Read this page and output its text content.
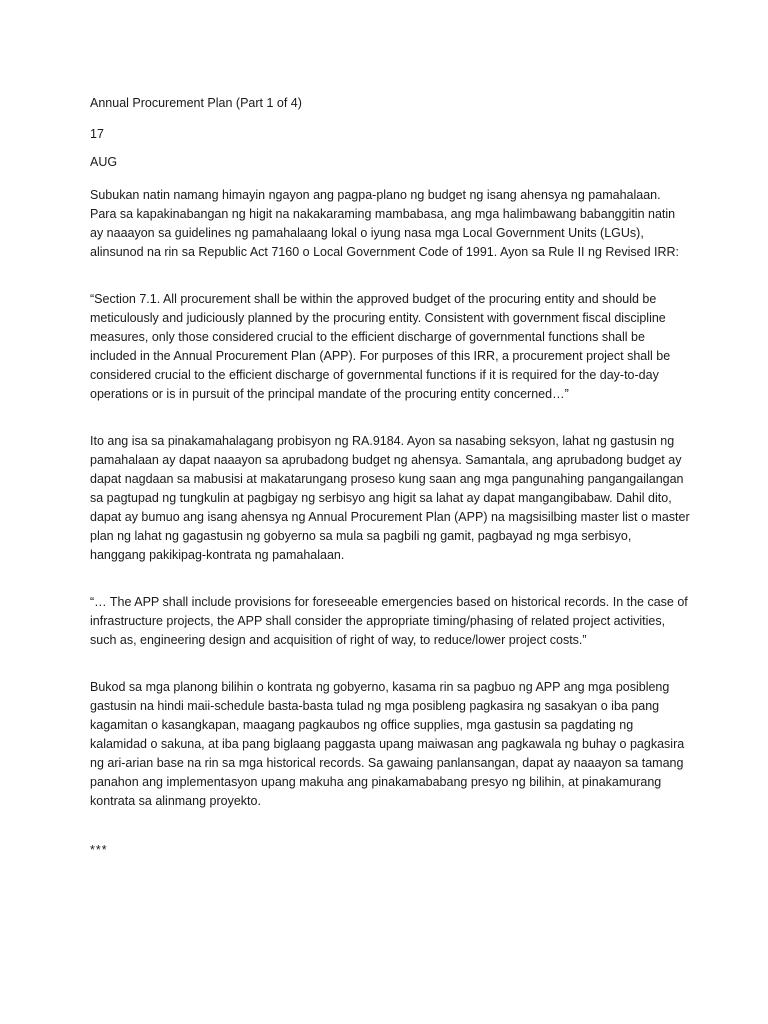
Annual Procurement Plan (Part 1 of 4)

17

AUG

Subukan natin namang himayin ngayon ang pagpa-plano ng budget ng isang ahensya ng pamahalaan. Para sa kapakinabangan ng higit na nakakaraming mambabasa, ang mga halimbawang babanggitin natin ay naaayon sa guidelines ng pamahalaang lokal o iyung nasa mga Local Government Units (LGUs), alinsunod na rin sa Republic Act 7160 o Local Government Code of 1991. Ayon sa Rule II ng Revised IRR:

“Section 7.1. All procurement shall be within the approved budget of the procuring entity and should be meticulously and judiciously planned by the procuring entity. Consistent with government fiscal discipline measures, only those considered crucial to the efficient discharge of governmental functions shall be included in the Annual Procurement Plan (APP). For purposes of this IRR, a procurement project shall be considered crucial to the efficient discharge of governmental functions if it is required for the day-to-day operations or is in pursuit of the principal mandate of the procuring entity concerned…”

Ito ang isa sa pinakamahalagang probisyon ng RA.9184. Ayon sa nasabing seksyon, lahat ng gastusin ng pamahalaan ay dapat naaayon sa aprubadong budget ng ahensya. Samantala, ang aprubadong budget ay dapat nagdaan sa mabusisi at makatarungang proseso kung saan ang mga pangunahing pangangailangan sa pagtupad ng tungkulin at pagbigay ng serbisyo ang higit sa lahat ay dapat mangangibabaw. Dahil dito, dapat ay bumuo ang isang ahensya ng Annual Procurement Plan (APP) na magsisilbing master list o master plan ng lahat ng gagastusin ng gobyerno sa mula sa pagbili ng gamit, pagbayad ng mga serbisyo, hanggang pakikipag-kontrata ng pamahalaan.

“… The APP shall include provisions for foreseeable emergencies based on historical records. In the case of infrastructure projects, the APP shall consider the appropriate timing/phasing of related project activities, such as, engineering design and acquisition of right of way, to reduce/lower project costs.”

Bukod sa mga planong bilihin o kontrata ng gobyerno, kasama rin sa pagbuo ng APP ang mga posibleng gastusin na hindi maii-schedule basta-basta tulad ng mga posibleng pagkasira ng sasakyan o iba pang kagamitan o kasangkapan, maagang pagkaubos ng office supplies, mga gastusin sa pagdating ng kalamidad o sakuna, at iba pang biglaang paggasta upang maiwasan ang pagkawala ng buhay o pagkasira ng ari-arian base na rin sa mga historical records. Sa gawaing panlansangan, dapat ay naaayon sa tamang panahon ang implementasyon upang makuha ang pinakamababang presyo ng bilihin, at pinakamurang kontrata sa alinmang proyekto.

***
